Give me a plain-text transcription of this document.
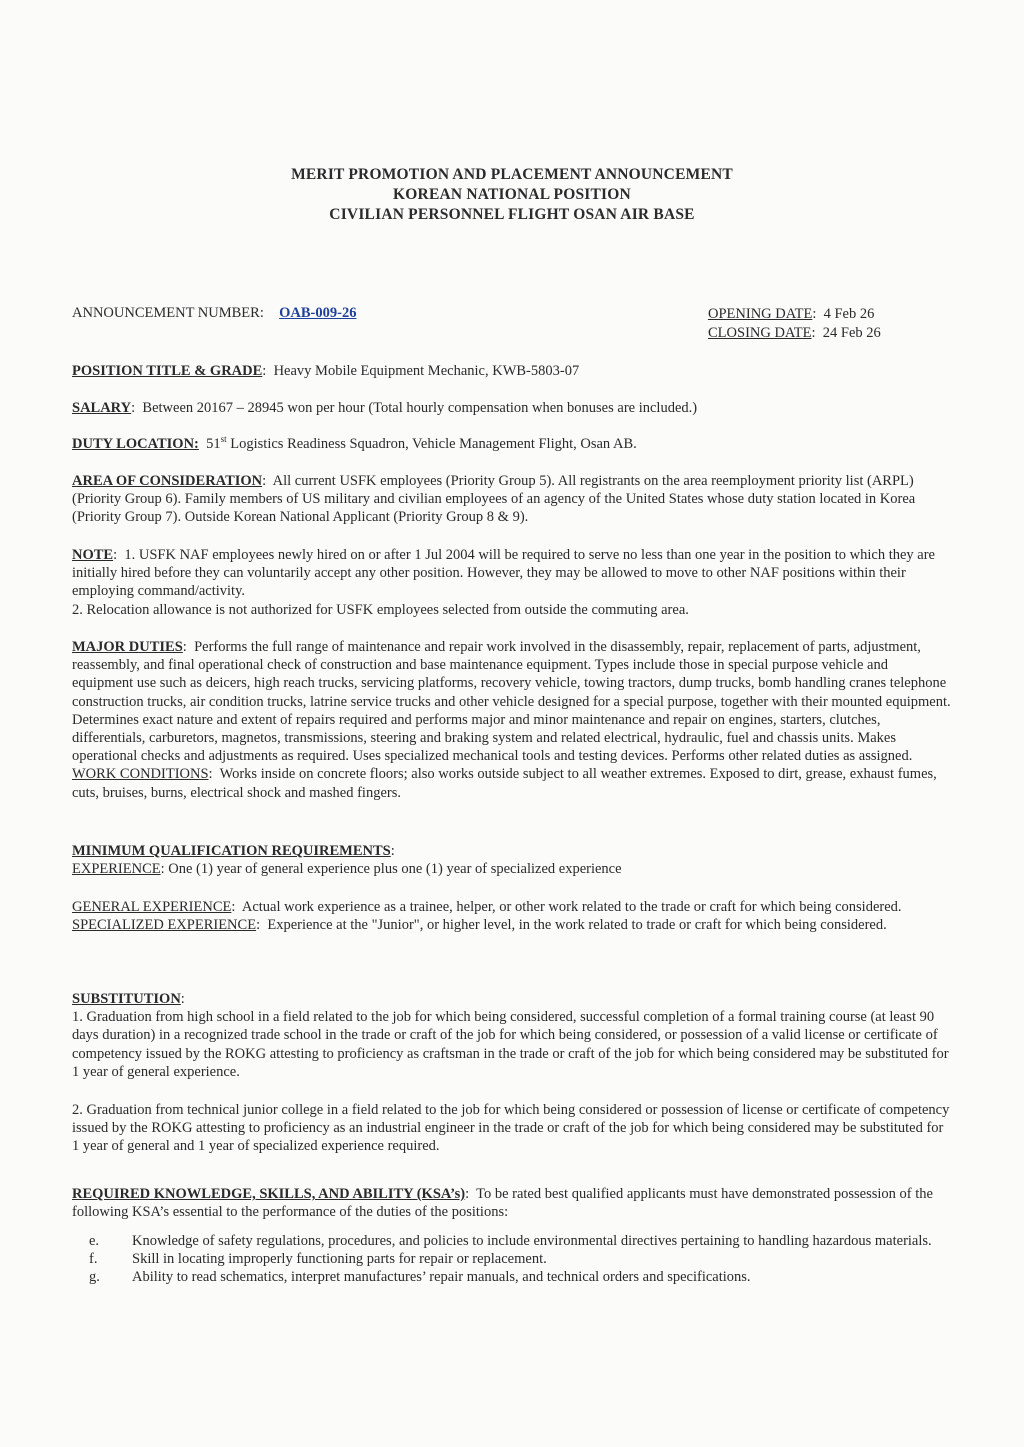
MERIT PROMOTION AND PLACEMENT ANNOUNCEMENT
KOREAN NATIONAL POSITION
CIVILIAN PERSONNEL FLIGHT OSAN AIR BASE
ANNOUNCEMENT NUMBER: OAB-009-26	OPENING DATE:  4 Feb 26
CLOSING DATE:  24 Feb 26
POSITION TITLE & GRADE:  Heavy Mobile Equipment Mechanic, KWB-5803-07
SALARY:  Between 20167 – 28945 won per hour (Total hourly compensation when bonuses are included.)
DUTY LOCATION: 51st Logistics Readiness Squadron, Vehicle Management Flight, Osan AB.

AREA OF CONSIDERATION:  All current USFK employees (Priority Group 5). All registrants on the area reemployment priority list (ARPL) (Priority Group 6). Family members of US military and civilian employees of an agency of the United States whose duty station located in Korea (Priority Group 7). Outside Korean National Applicant (Priority Group 8 & 9).

NOTE:  1. USFK NAF employees newly hired on or after 1 Jul 2004 will be required to serve no less than one year in the position to which they are initially hired before they can voluntarily accept any other position. However, they may be allowed to move to other NAF positions within their employing command/activity.

2. Relocation allowance is not authorized for USFK employees selected from outside the commuting area.

MAJOR DUTIES:  Performs the full range of maintenance and repair work involved in the disassembly, repair, replacement of parts, adjustment, reassembly, and final operational check of construction and base maintenance equipment. Types include those in special purpose vehicle and equipment use such as deicers, high reach trucks, servicing platforms, recovery vehicle, towing tractors, dump trucks, bomb handling cranes telephone construction trucks, air condition trucks, latrine service trucks and other vehicle designed for a special purpose, together with their mounted equipment. Determines exact nature and extent of repairs required and performs major and minor maintenance and repair on engines, starters, clutches, differentials, carburetors, magnetos, transmissions, steering and braking system and related electrical, hydraulic, fuel and chassis units. Makes operational checks and adjustments as required. Uses specialized mechanical tools and testing devices. Performs other related duties as assigned.  WORK CONDITIONS:  Works inside on concrete floors; also works outside subject to all weather extremes. Exposed to dirt, grease, exhaust fumes, cuts, bruises, burns, electrical shock and mashed fingers.

MINIMUM QUALIFICATION REQUIREMENTS:

EXPERIENCE: One (1) year of general experience plus one (1) year of specialized experience

GENERAL EXPERIENCE:  Actual work experience as a trainee, helper, or other work related to the trade or craft for which being considered.

SPECIALIZED EXPERIENCE:  Experience at the "Junior", or higher level, in the work related to trade or craft for which being considered.

SUBSTITUTION:

1. Graduation from high school in a field related to the job for which being considered, successful completion of a formal training course (at least 90 days duration) in a recognized trade school in the trade or craft of the job for which being considered, or possession of a valid license or certificate of competency issued by the ROKG attesting to proficiency as craftsman in the trade or craft of the job for which being considered may be substituted for 1 year of general experience.

2. Graduation from technical junior college in a field related to the job for which being considered or possession of license or certificate of competency issued by the ROKG attesting to proficiency as an industrial engineer in the trade or craft of the job for which being considered may be substituted for 1 year of general and 1 year of specialized experience required.

REQUIRED KNOWLEDGE, SKILLS, AND ABILITY (KSA’s):  To be rated best qualified applicants must have demonstrated possession of the following KSA’s essential to the performance of the duties of the positions:

e.	Knowledge of safety regulations, procedures, and policies to include environmental directives pertaining to handling hazardous materials.
f.	Skill in locating improperly functioning parts for repair or replacement.
g.	Ability to read schematics, interpret manufactures’ repair manuals, and technical orders and specifications.
